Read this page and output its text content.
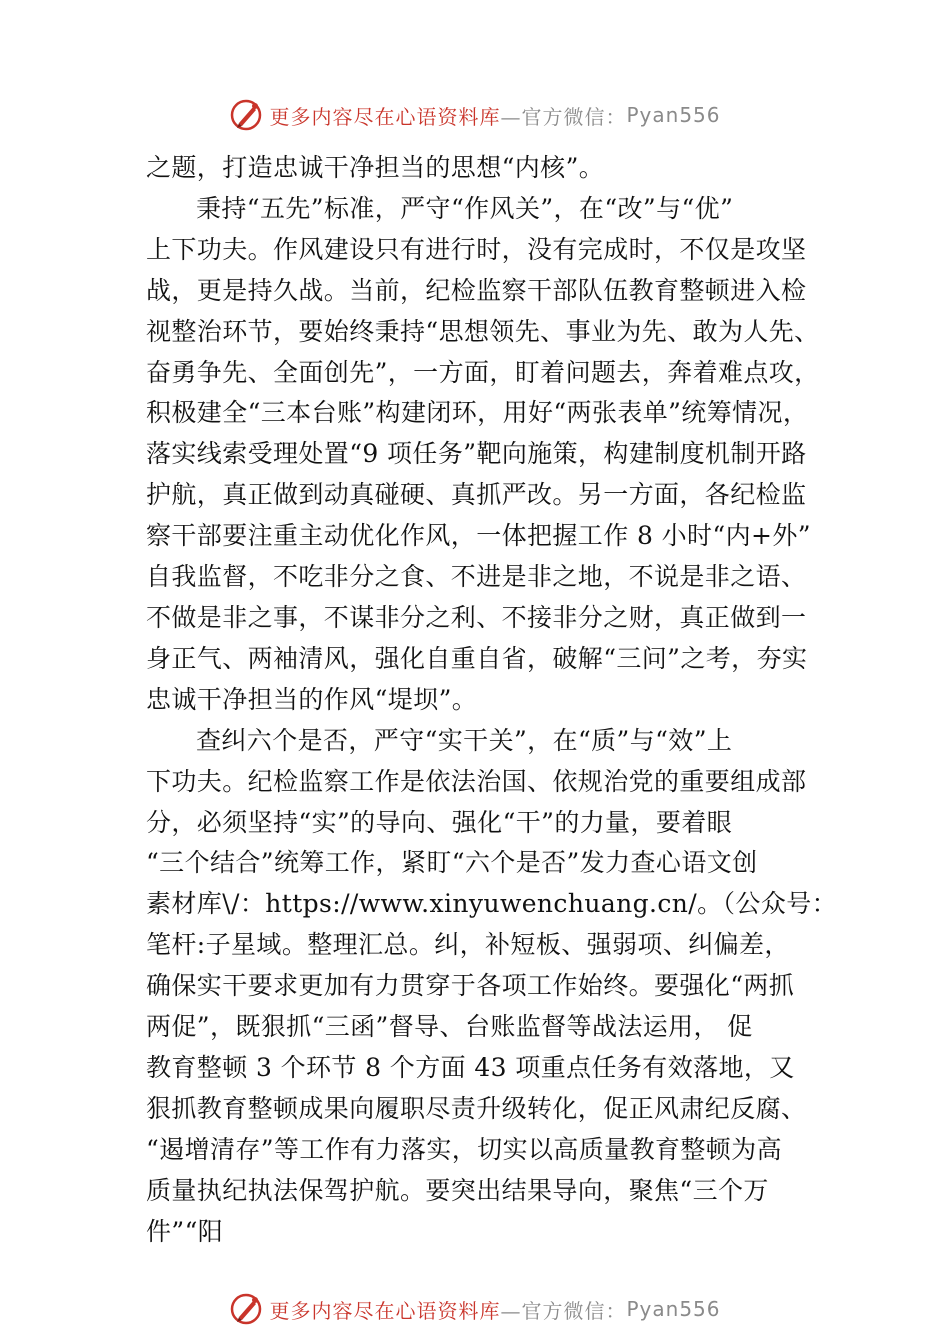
更多内容尽在心语资料库 —官方微信： Pyan556
之题，打造忠诚干净担当的思想“内核”。
秉持“五先”标准，严守“作风关”，在“改”与“优”
上下功夫。作风建设只有进行时，没有完成时，不仅是攻坚
战，更是持久战。当前，纪检监察干部队伍教育整顿进入检
视整治环节，要始终秉持“思想领先、事业为先、敢为人先、
奋勇争先、全面创先”，一方面，盯着问题去，奔着难点攻，
积极建全“三本台账”构建闭环，用好“两张表单”统筹情况，
落实线索受理处置“9 项任务”靶向施策，构建制度机制开路
护航，真正做到动真碰硬、真抓严改。另一方面，各纪检监
察干部要注重主动优化作风，一体把握工作 8 小时“内+外”
自我监督，不吃非分之食、不进是非之地，不说是非之语、
不做是非之事，不谋非分之利、不接非分之财，真正做到一
身正气、两袖清风，强化自重自省，破解“三问”之考，夯实
忠诚干净担当的作风“堤坝”。
查纠六个是否，严守“实干关”，在“质”与“效”上
下功夫。纪检监察工作是依法治国、依规治党的重要组成部
分，必须坚持“实”的导向、强化“干”的力量，要着眼
“三个结合”统筹工作，紧盯“六个是否”发力查心语文创
素材库\/：https://www.xinyuwenchuang.cn/。（公众号：
笔杆:子星域。整理汇总。纠，补短板、强弱项、纠偏差，
确保实干要求更加有力贯穿于各项工作始终。要强化“两抓
两促”，既狠抓“三函”督导、台账监督等战法运用， 促
教育整顿 3 个环节 8 个方面 43 项重点任务有效落地，又
狠抓教育整顿成果向履职尽责升级转化，促正风肃纪反腐、
“遏增清存”等工作有力落实，切实以高质量教育整顿为高
质量执纪执法保驾护航。要突出结果导向，聚焦“三个万
件”“阳
更多内容尽在心语资料库 —官方微信： Pyan556
